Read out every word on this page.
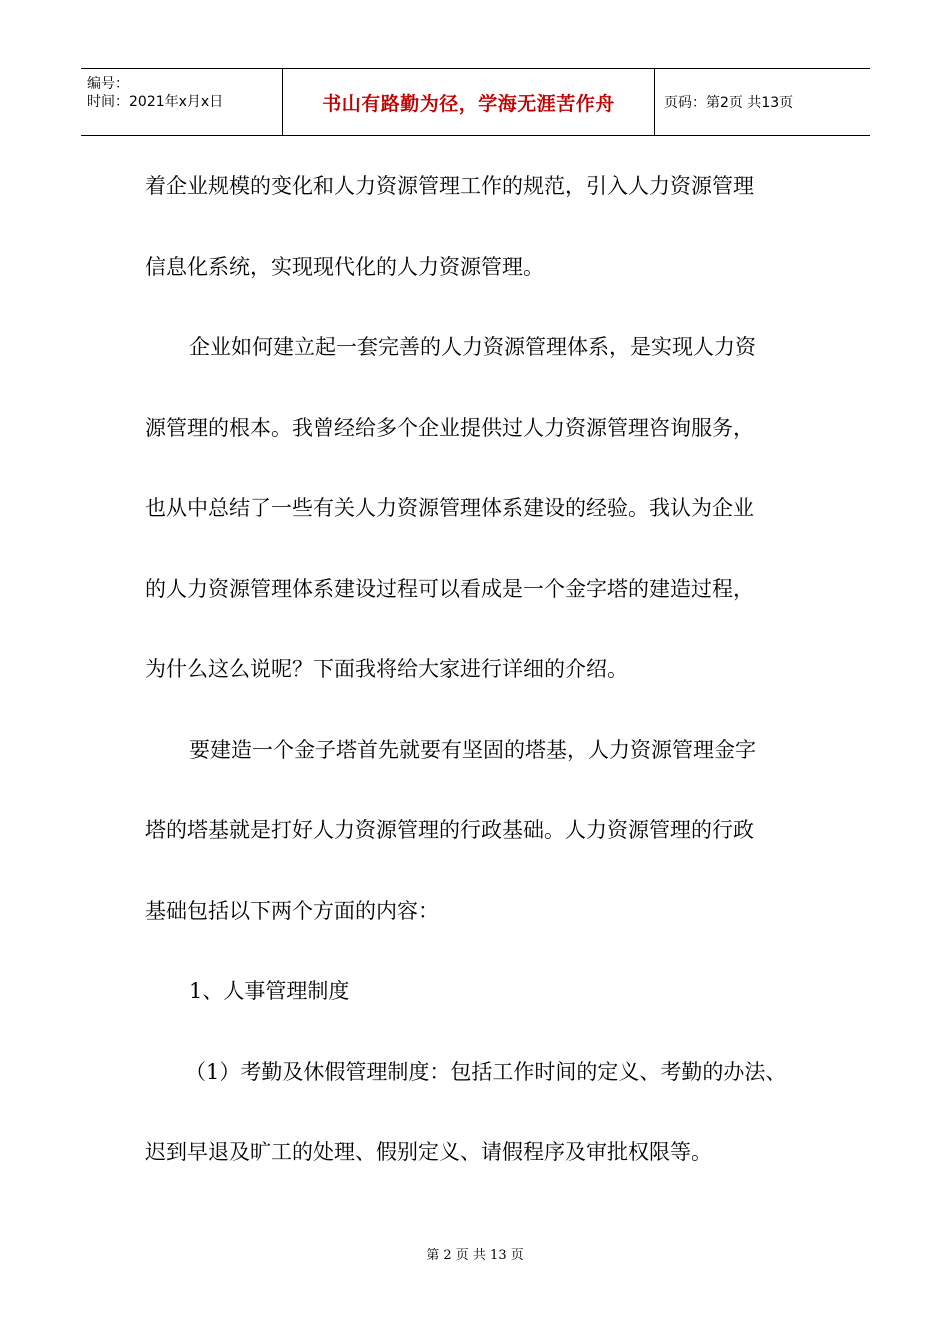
编号：
时间：2021年x月x日	书山有路勤为径，学海无涯苦作舟	页码：第2页 共13页
着企业规模的变化和人力资源管理工作的规范，引入人力资源管理
信息化系统，实现现代化的人力资源管理。
企业如何建立起一套完善的人力资源管理体系，是实现人力资
源管理的根本。我曾经给多个企业提供过人力资源管理咨询服务，
也从中总结了一些有关人力资源管理体系建设的经验。我认为企业
的人力资源管理体系建设过程可以看成是一个金字塔的建造过程，
为什么这么说呢？下面我将给大家进行详细的介绍。
要建造一个金子塔首先就要有坚固的塔基，人力资源管理金字
塔的塔基就是打好人力资源管理的行政基础。人力资源管理的行政
基础包括以下两个方面的内容：
1、人事管理制度
（1）考勤及休假管理制度：包括工作时间的定义、考勤的办法、
迟到早退及旷工的处理、假别定义、请假程序及审批权限等。
第 2 页 共 13 页
